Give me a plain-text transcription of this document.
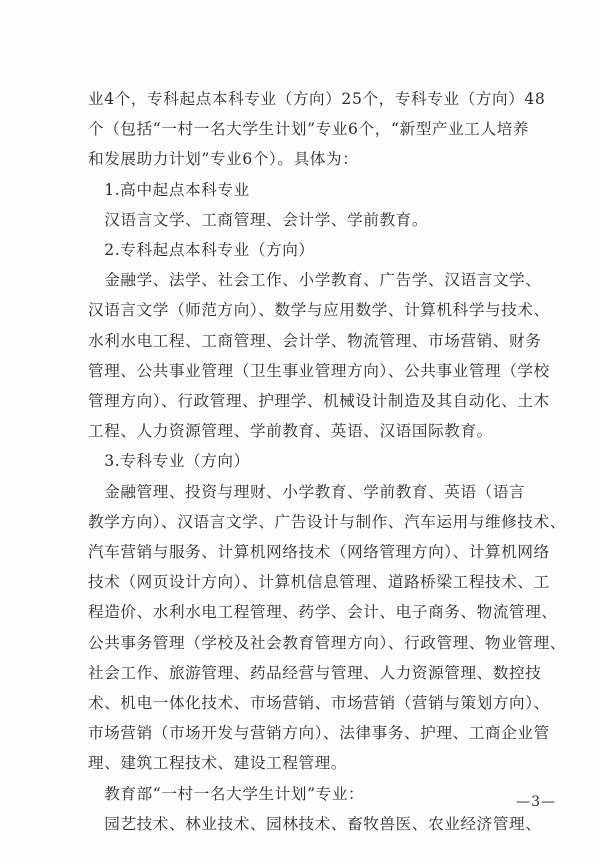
业4个，专科起点本科专业（方向）25个，专科专业（方向）48
个（包括“一村一名大学生计划”专业6个，“新型产业工人培养
和发展助力计划”专业6个）。具体为：
　1.高中起点本科专业
　汉语言文学、工商管理、会计学、学前教育。
　2.专科起点本科专业（方向）
　金融学、法学、社会工作、小学教育、广告学、汉语言文学、
汉语言文学（师范方向）、数学与应用数学、计算机科学与技术、
水利水电工程、工商管理、会计学、物流管理、市场营销、财务
管理、公共事业管理（卫生事业管理方向）、公共事业管理（学校
管理方向）、行政管理、护理学、机械设计制造及其自动化、土木
工程、人力资源管理、学前教育、英语、汉语国际教育。
　3.专科专业（方向）
　金融管理、投资与理财、小学教育、学前教育、英语（语言
教学方向）、汉语言文学、广告设计与制作、汽车运用与维修技术、
汽车营销与服务、计算机网络技术（网络管理方向）、计算机网络
技术（网页设计方向）、计算机信息管理、道路桥梁工程技术、工
程造价、水利水电工程管理、药学、会计、电子商务、物流管理、
公共事务管理（学校及社会教育管理方向）、行政管理、物业管理、
社会工作、旅游管理、药品经营与管理、人力资源管理、数控技
术、机电一体化技术、市场营销、市场营销（营销与策划方向）、
市场营销（市场开发与营销方向）、法律事务、护理、工商企业管
理、建筑工程技术、建设工程管理。
　教育部“一村一名大学生计划”专业：
　园艺技术、林业技术、园林技术、畜牧兽医、农业经济管理、
—3—
